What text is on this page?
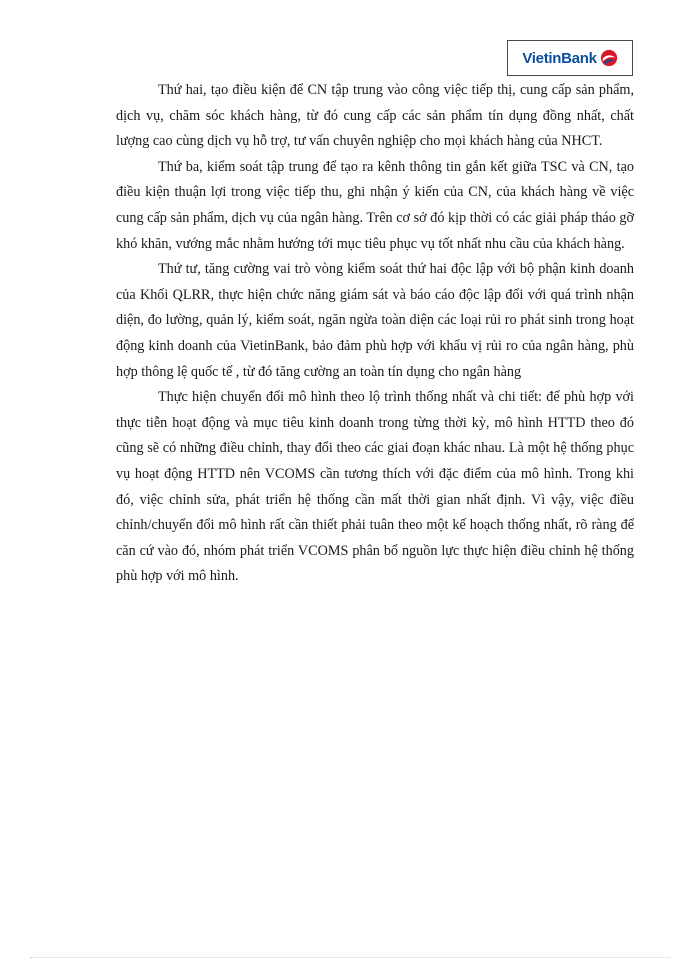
VietinBank

Thứ hai, tạo điều kiện để CN tập trung vào công việc tiếp thị, cung cấp sản phẩm, dịch vụ, chăm sóc khách hàng, từ đó cung cấp các sản phẩm tín dụng đồng nhất, chất lượng cao cùng dịch vụ hỗ trợ, tư vấn chuyên nghiệp cho mọi khách hàng của NHCT.

Thứ ba, kiểm soát tập trung để tạo ra kênh thông tin gắn kết giữa TSC và CN, tạo điều kiện thuận lợi trong việc tiếp thu, ghi nhận ý kiến của CN, của khách hàng về việc cung cấp sản phẩm, dịch vụ của ngân hàng. Trên cơ sở đó kịp thời có các giải pháp tháo gỡ khó khăn, vướng mắc nhằm hướng tới mục tiêu phục vụ tốt nhất nhu cầu của khách hàng.

Thứ tư, tăng cường vai trò vòng kiểm soát thứ hai độc lập với bộ phận kinh doanh của Khối QLRR, thực hiện chức năng giám sát và báo cáo độc lập đối với quá trình nhận diện, đo lường, quản lý, kiểm soát, ngăn ngừa toàn diện các loại rủi ro phát sinh trong hoạt động kinh doanh của VietinBank, bảo đảm phù hợp với khẩu vị rủi ro của ngân hàng, phù hợp thông lệ quốc tế , từ đó tăng cường an toàn tín dụng cho ngân hàng

Thực hiện chuyển đổi mô hình theo lộ trình thống nhất và chi tiết: để phù hợp với thực tiễn hoạt động và mục tiêu kinh doanh trong từng thời kỳ, mô hình HTTD theo đó cũng sẽ có những điều chỉnh, thay đổi theo các giai đoạn khác nhau. Là một hệ thống phục vụ hoạt động HTTD nên VCOMS cần tương thích với đặc điểm của mô hình. Trong khi đó, việc chỉnh sửa, phát triển hệ thống cần mất thời gian nhất định. Vì vậy, việc điều chỉnh/chuyển đổi mô hình rất cần thiết phải tuân theo một kế hoạch thống nhất, rõ ràng để căn cứ vào đó, nhóm phát triển VCOMS phân bổ nguồn lực thực hiện điều chỉnh hệ thống phù hợp với mô hình.
